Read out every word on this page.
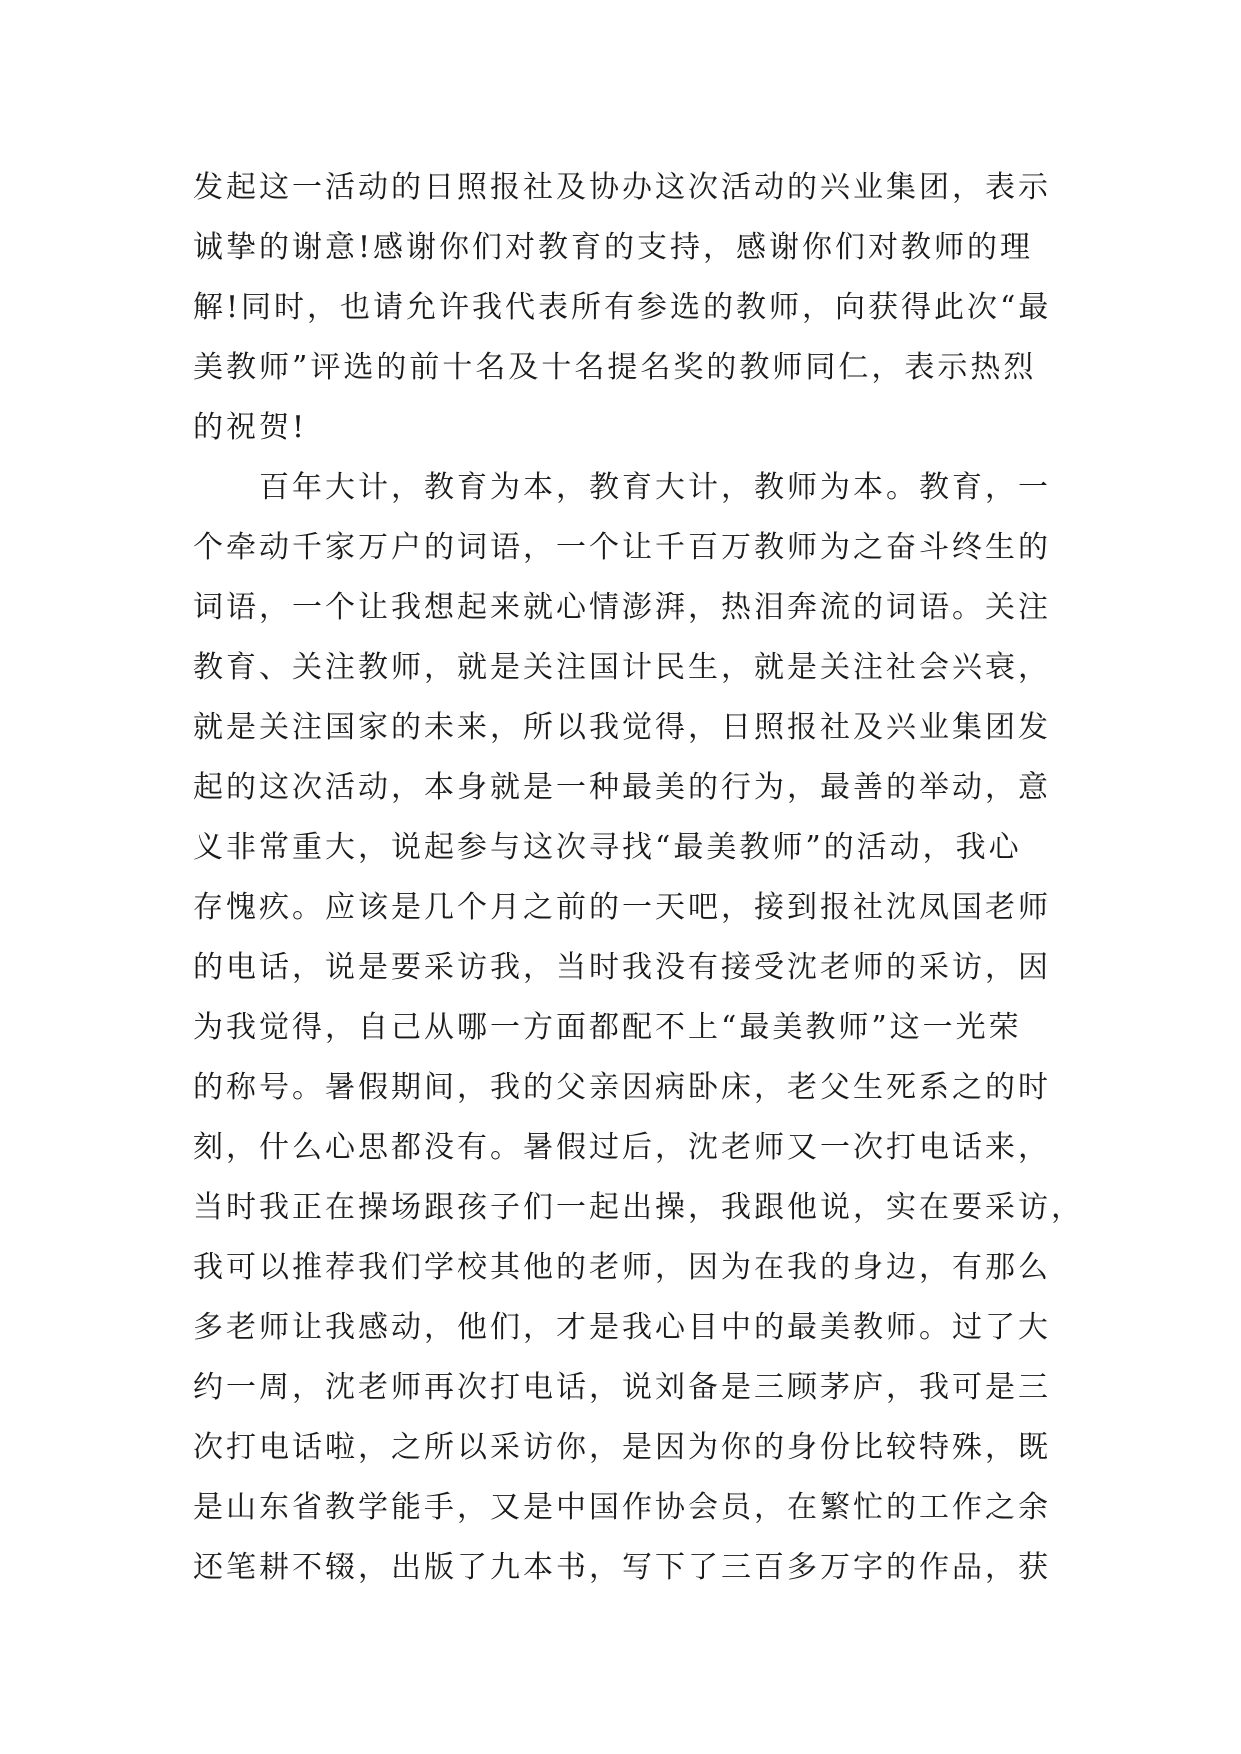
发起这一活动的日照报社及协办这次活动的兴业集团，表示
诚挚的谢意!感谢你们对教育的支持，感谢你们对教师的理
解!同时，也请允许我代表所有参选的教师，向获得此次“最
美教师”评选的前十名及十名提名奖的教师同仁，表示热烈
的祝贺!
　　百年大计，教育为本，教育大计，教师为本。教育，一
个牵动千家万户的词语，一个让千百万教师为之奋斗终生的
词语，一个让我想起来就心情澎湃，热泪奔流的词语。关注
教育、关注教师，就是关注国计民生，就是关注社会兴衰，
就是关注国家的未来，所以我觉得，日照报社及兴业集团发
起的这次活动，本身就是一种最美的行为，最善的举动，意
义非常重大，说起参与这次寻找“最美教师”的活动，我心
存愧疚。应该是几个月之前的一天吧，接到报社沈凤国老师
的电话，说是要采访我，当时我没有接受沈老师的采访，因
为我觉得，自己从哪一方面都配不上“最美教师”这一光荣
的称号。暑假期间，我的父亲因病卧床，老父生死系之的时
刻，什么心思都没有。暑假过后，沈老师又一次打电话来，
当时我正在操场跟孩子们一起出操，我跟他说，实在要采访，
我可以推荐我们学校其他的老师，因为在我的身边，有那么
多老师让我感动，他们，才是我心目中的最美教师。过了大
约一周，沈老师再次打电话，说刘备是三顾茅庐，我可是三
次打电话啦，之所以采访你，是因为你的身份比较特殊，既
是山东省教学能手，又是中国作协会员，在繁忙的工作之余
还笔耕不辍，出版了九本书，写下了三百多万字的作品，获
